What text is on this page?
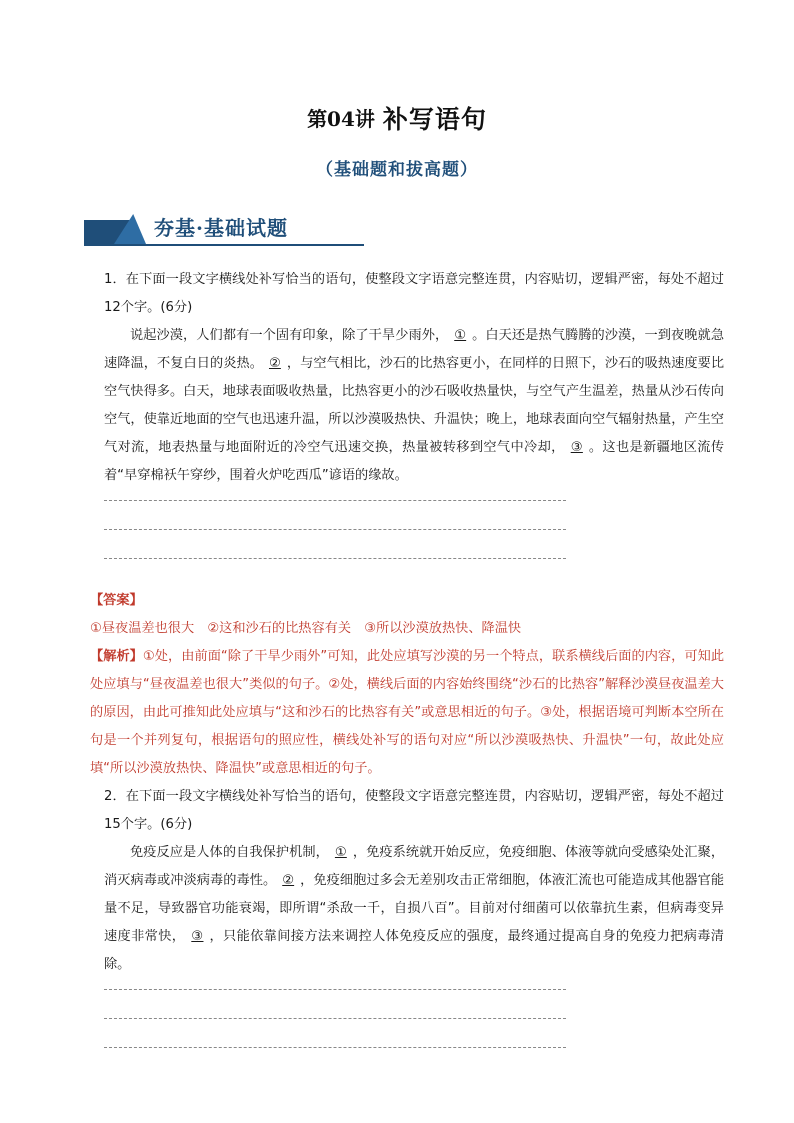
第04讲 补写语句
（基础题和拔高题）
夯基·基础试题

1．在下面一段文字横线处补写恰当的语句，使整段文字语意完整连贯，内容贴切，逻辑严密，每处不超过12个字。(6分)

说起沙漠，人们都有一个固有印象，除了干旱少雨外， ① 。白天还是热气腾腾的沙漠，一到夜晚就急速降温，不复白日的炎热。 ② ，与空气相比，沙石的比热容更小，在同样的日照下，沙石的吸热速度要比空气快得多。白天，地球表面吸收热量，比热容更小的沙石吸收热量快，与空气产生温差，热量从沙石传向空气，使靠近地面的空气也迅速升温，所以沙漠吸热快、升温快；晚上，地球表面向空气辐射热量，产生空气对流，地表热量与地面附近的冷空气迅速交换，热量被转移到空气中冷却， ③ 。这也是新疆地区流传着“早穿棉袄午穿纱，围着火炉吃西瓜”谚语的缘故。

【答案】

①昼夜温差也很大　②这和沙石的比热容有关　③所以沙漠放热快、降温快

【解析】①处，由前面“除了干旱少雨外”可知，此处应填写沙漠的另一个特点，联系横线后面的内容，可知此处应填与“昼夜温差也很大”类似的句子。②处，横线后面的内容始终围绕“沙石的比热容”解释沙漠昼夜温差大的原因，由此可推知此处应填与“这和沙石的比热容有关”或意思相近的句子。③处，根据语境可判断本空所在句是一个并列复句，根据语句的照应性，横线处补写的语句对应“所以沙漠吸热快、升温快”一句，故此处应填“所以沙漠放热快、降温快”或意思相近的句子。

2．在下面一段文字横线处补写恰当的语句，使整段文字语意完整连贯，内容贴切，逻辑严密，每处不超过15个字。(6分)

免疫反应是人体的自我保护机制， ① ，免疫系统就开始反应，免疫细胞、体液等就向受感染处汇聚，消灭病毒或冲淡病毒的毒性。 ② ，免疫细胞过多会无差别攻击正常细胞，体液汇流也可能造成其他器官能量不足，导致器官功能衰竭，即所谓“杀敌一千，自损八百”。目前对付细菌可以依靠抗生素，但病毒变异速度非常快， ③ ，只能依靠间接方法来调控人体免疫反应的强度，最终通过提高自身的免疫力把病毒清除。
